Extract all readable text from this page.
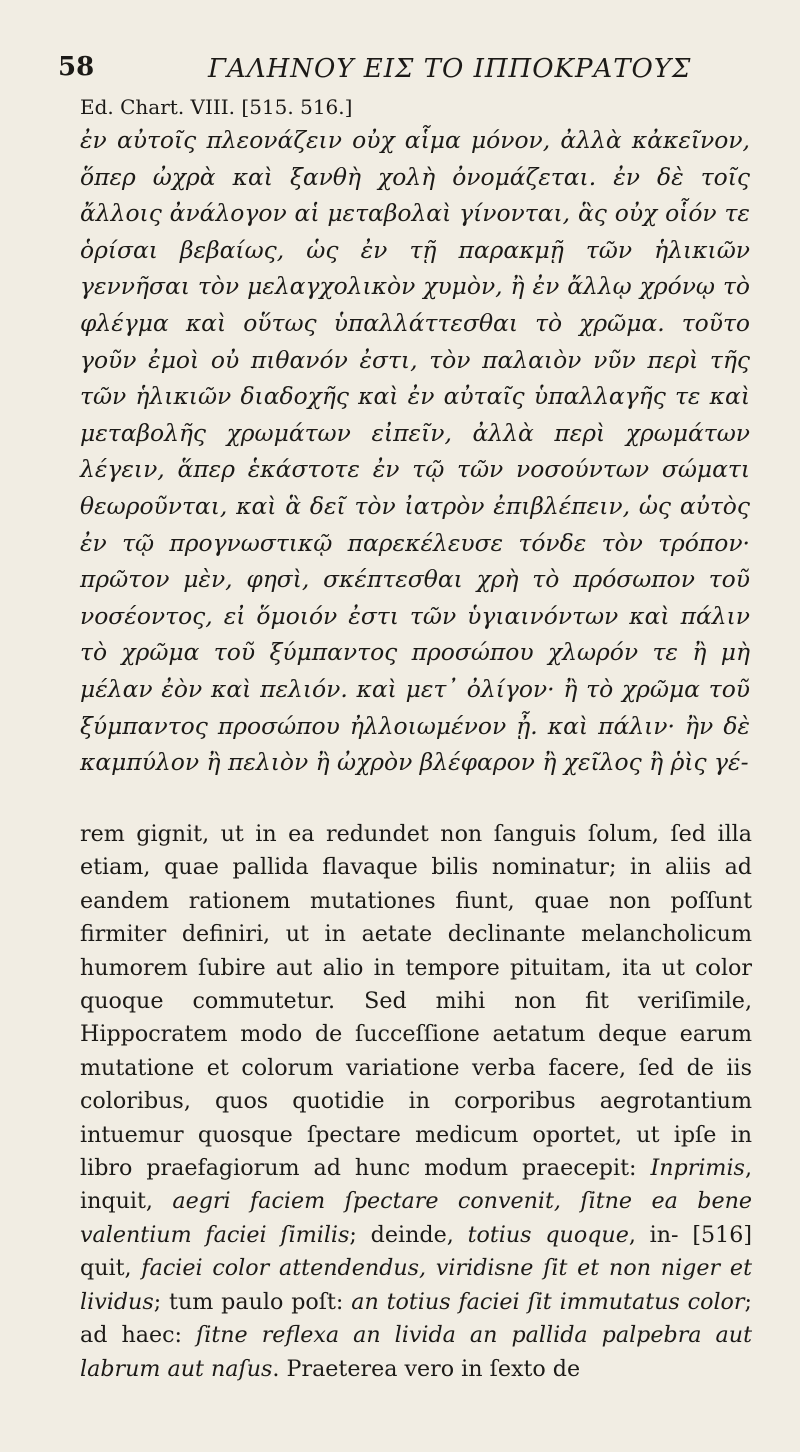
58	ΓΑΛΗΝΟΥ ΕΙΣ ΤΟ ΙΠΠΟΚΡΑΤΟΥΣ
Ed. Chart. VIII. [515. 516.]

ἐν αὐτοῖς πλεονάζειν οὐχ αἷμα μόνον, ἀλλὰ κἀκεῖνον, ὅπερ ὠχρὰ καὶ ξανθὴ χολὴ ὀνομάζεται. ἐν δὲ τοῖς ἄλλοις ἀνάλογον αἱ μεταβολαὶ γίνονται, ἃς οὐχ οἷόν τε ὁρίσαι βεβαίως, ὡς ἐν τῇ παρακμῇ τῶν ἡλικιῶν γεννῆσαι τὸν μελαγχολικὸν χυμὸν, ἢ ἐν ἄλλῳ χρόνῳ τὸ φλέγμα καὶ οὕτως ὑπαλλάττεσθαι τὸ χρῶμα. τοῦτο γοῦν ἐμοὶ οὐ πιθανόν ἐστι, τὸν παλαιὸν νῦν περὶ τῆς τῶν ἡλικιῶν διαδοχῆς καὶ ἐν αὐταῖς ὑπαλλαγῆς τε καὶ μεταβολῆς χρωμάτων εἰπεῖν, ἀλλὰ περὶ χρωμάτων λέγειν, ἅπερ ἑκάστοτε ἐν τῷ τῶν νοσούντων σώματι θεωροῦνται, καὶ ἃ δεῖ τὸν ἰατρὸν ἐπιβλέπειν, ὡς αὐτὸς ἐν τῷ προγνωστικῷ παρεκέλευσε τόνδε τὸν τρόπον· πρῶτον μὲν, φησὶ, σκέπτεσθαι χρὴ τὸ πρόσωπον τοῦ νοσέοντος, εἰ ὅμοιόν ἐστι τῶν ὑγιαινόντων καὶ πάλιν τὸ χρῶμα τοῦ ξύμπαντος προσώπου χλωρόν τε ἢ μὴ μέλαν ἐὸν καὶ πελιόν. καὶ μετ᾽ ὀλίγον· ἢ τὸ χρῶμα τοῦ ξύμπαντος προσώπου ἠλλοιωμένον ᾖ. καὶ πάλιν· ἢν δὲ καμπύλον ἢ πελιὸν ἢ ὠχρὸν βλέφαρον ἢ χεῖλος ἢ ῥὶς γέ-

rem gignit, ut in ea redundet non ſanguis ſolum, ſed illa etiam, quae pallida flavaque bilis nominatur; in aliis ad eandem rationem mutationes fiunt, quae non poſſunt firmiter definiri, ut in aetate declinante melancholicum humorem ſubire aut alio in tempore pituitam, ita ut color quoque commutetur. Sed mihi non fit veriſimile, Hippocratem modo de ſucceſſione aetatum deque earum mutatione et colorum variatione verba facere, ſed de iis coloribus, quos quotidie in corporibus aegrotantium intuemur quosque ſpectare medicum oportet, ut ipſe in libro praefagiorum ad hunc modum praecepit: Inprimis, inquit, aegri faciem ſpectare convenit, ſitne ea bene valentium faciei ſimilis; deinde, totius quoque, in- [516] quit, faciei color attendendus, viridisne ſit et non niger et lividus; tum paulo poſt: an totius faciei ſit immutatus color; ad haec: ſitne reflexa an livida an pallida palpebra aut labrum aut naſus. Praeterea vero in ſexto de
